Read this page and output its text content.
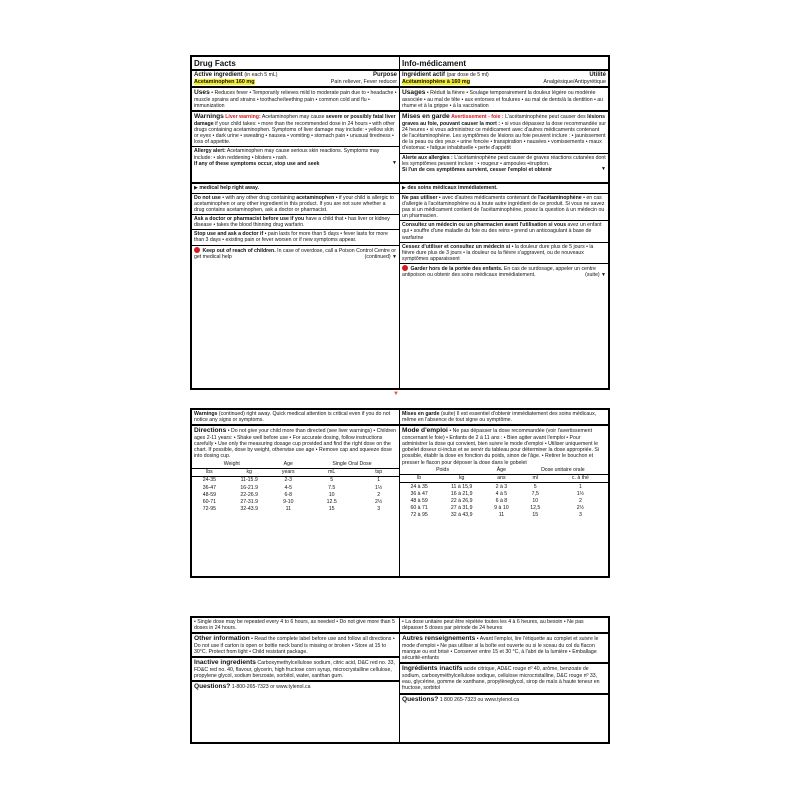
Drug Facts
Active ingredient (in each 5 mL)	Purpose
Acetaminophen 160 mg	Pain reliever, Fever reducer
Uses • Reduces fever • Temporarily relieves mild to moderate pain due to • headache • muscle sprains and strains • toothache/teething pain • common cold and flu • immunization
Warnings Liver warning: Acetaminophen may cause severe or possibly fatal liver damage if your child takes: • more than the recommended dose in 24 hours • with other drugs containing acetaminophen. Symptoms of liver damage may include: • yellow skin or eyes • dark urine • sweating • nausea • vomiting • stomach pain • unusual tiredness • loss of appetite.
Allergy alert: Acetaminophen may cause serious skin reactions. Symptoms may include: • skin reddening • blisters • rash.
If any of these symptoms occur, stop use and seek	▼
▶ medical help right away.
Do not use • with any other drug containing acetaminophen • if your child is allergic to acetaminophen or any other ingredient in this product. If you are not sure whether a drug contains acetaminophen, ask a doctor or pharmacist.
Ask a doctor or pharmacist before use if you have a child that • has liver or kidney disease • takes the blood thinning drug warfarin.
Stop use and ask a doctor if • pain lasts for more than 5 days • fever lasts for more than 3 days • existing pain or fever worsen or if new symptoms appear.
Keep out of reach of children. In case of overdose, call a Poison Control Centre or get medical help	(continued) ▼
Info-médicament
Ingrédient actif (par dose de 5 ml)	Utilité
Acétaminophène à 160 mg	Analgésique/Antipyrétique
Usages • Réduit la fièvre • Soulage temporairement la douleur légère ou modérée associée • au mal de tête • aux entorses et foulures • au mal de dents/à la dentition • au rhume et à la grippe • à la vaccination
Mises en garde Avertissement - foie : L'acétaminophène peut causer des lésions graves au foie, pouvant causer la mort : • si vous dépassez la dose recommandée sur 24 heures • si vous administrez ce médicament avec d'autres médicaments contenant de l'acétaminophène. Les symptômes de lésions au foie peuvent inclure : • jaunissement de la peau ou des yeux • urine foncée • transpiration • nausées • vomissements • maux d'estomac • fatigue inhabituelle • perte d'appétit
Alerte aux allergies : L'acétaminophène peut causer de graves réactions cutanées dont les symptômes peuvent inclure : • rougeur • ampoules •éruption.
Si l'un de ces symptômes survient, cesser l'emploi et obtenir	▼
▶ des soins médicaux immédiatement.
Ne pas utiliser • avec d'autres médicaments contenant de l'acétaminophène • en cas d'allergie à l'acétaminophène ou à toute autre ingrédient de ce produit. Si vous ne savez pas si un médicament contient de l'acétaminophène, posez la question à un médecin ou un pharmacien.
Consultez un médecin ou un pharmacien avant l'utilisation si vous avez un enfant qui • souffre d'une maladie du foie ou des reins • prend un anticoagulant à base de warfarine
Cessez d'utiliser et consultez un médecin si • la douleur dure plus de 5 jours • la fièvre dure plus de 3 jours • la douleur ou la fièvre s'aggravent, ou de nouveaux symptômes apparaissent
Garder hors de la portée des enfants. En cas de surdosage, appeler un centre antipoison ou obtenir des soins médicaux immédiatement.	(suite) ▼
▼
Warnings (continued) right away. Quick medical attention is critical even if you do not notice any signs or symptoms.
Directions • Do not give your child more than directed (see liver warnings) • Children ages 2-11 years: • Shake well before use • For accurate dosing, follow instructions carefully • Use only the measuring dosage cup provided and find the right dose on the chart. If possible, dose by weight, otherwise use age • Remove cap and squeeze dose into dosing cup.
Weight		Age	Single Oral Dose	
lbs	kg	years	mL	tsp
24-35	11-15.9	2-3	5	1
36-47	16-21.9	4-5	7.5	1½
48-59	22-26.9	6-8	10	2
60-71	27-31.9	9-10	12.5	2½
72-95	32-43.9	11	15	3
Mises en garde (suite) Il est essentiel d'obtenir immédiatement des soins médicaux, même en l'absence de tout signe ou symptôme.
Mode d'emploi • Ne pas dépasser la dose recommandée (voir l'avertissement concernant le foie) • Enfants de 2 à 11 ans : • Bien agiter avant l'emploi • Pour administrer la dose qui convient, bien suivre le mode d'emploi • Utiliser uniquement le gobelet doseur ci-inclus et se servir du tableau pour déterminer la dose appropriée. Si possible, établir la dose en fonction du poids, sinon de l'âge. • Retirer le bouchon et presser le flacon pour déposer la dose dans le gobelet
Poids		Âge	Dose unitaire orale	
lb	kg	ans	ml	c. à thé
24 à 35	11 à 15,9	2 à 3	5	1
36 à 47	16 à 21,9	4 à 5	7,5	1½
48 à 59	22 à 26,9	6 à 8	10	2
60 à 71	27 à 31,9	9 à 10	12,5	2½
72 à 95	32 à 43,9	11	15	3
• Single dose may be repeated every 4 to 6 hours, as needed • Do not give more than 5 doses in 24 hours.
Other information • Read the complete label before use and follow all directions • Do not use if carton is open or bottle neck band is missing or broken • Store at 15 to 30°C. Protect from light • Child resistant package.
Inactive ingredients Carboxymethylcellulose sodium, citric acid, D&C red no. 33, FD&C red no. 40, flavour, glycerin, high fructose corn syrup, microcrystalline cellulose, propylene glycol, sodium benzoate, sorbitol, water, xanthan gum.
Questions? 1-800-265-7323 or www.tylenol.ca
• La dose unitaire peut être répétée toutes les 4 à 6 heures, au besoin • Ne pas dépasser 5 doses par période de 24 heures
Autres renseignements • Avant l'emploi, lire l'étiquette au complet et suivre le mode d'emploi • Ne pas utiliser si la boîte est ouverte ou si le sceau du col du flacon manque ou est brisé • Conserver entre 15 et 30 °C, à l'abri de la lumière • Emballage sécurité-enfants
Ingrédients inactifs acide citrique, AD&C rouge nº 40, arôme, benzoate de sodium, carboxyméthylcellulose sodique, cellulose microcristalline, D&C rouge nº 33, eau, glycérine, gomme de xanthane, propylèneglycol, sirop de maïs à haute teneur en fructose, sorbitol
Questions? 1 800 265-7323 ou www.tylenol.ca
